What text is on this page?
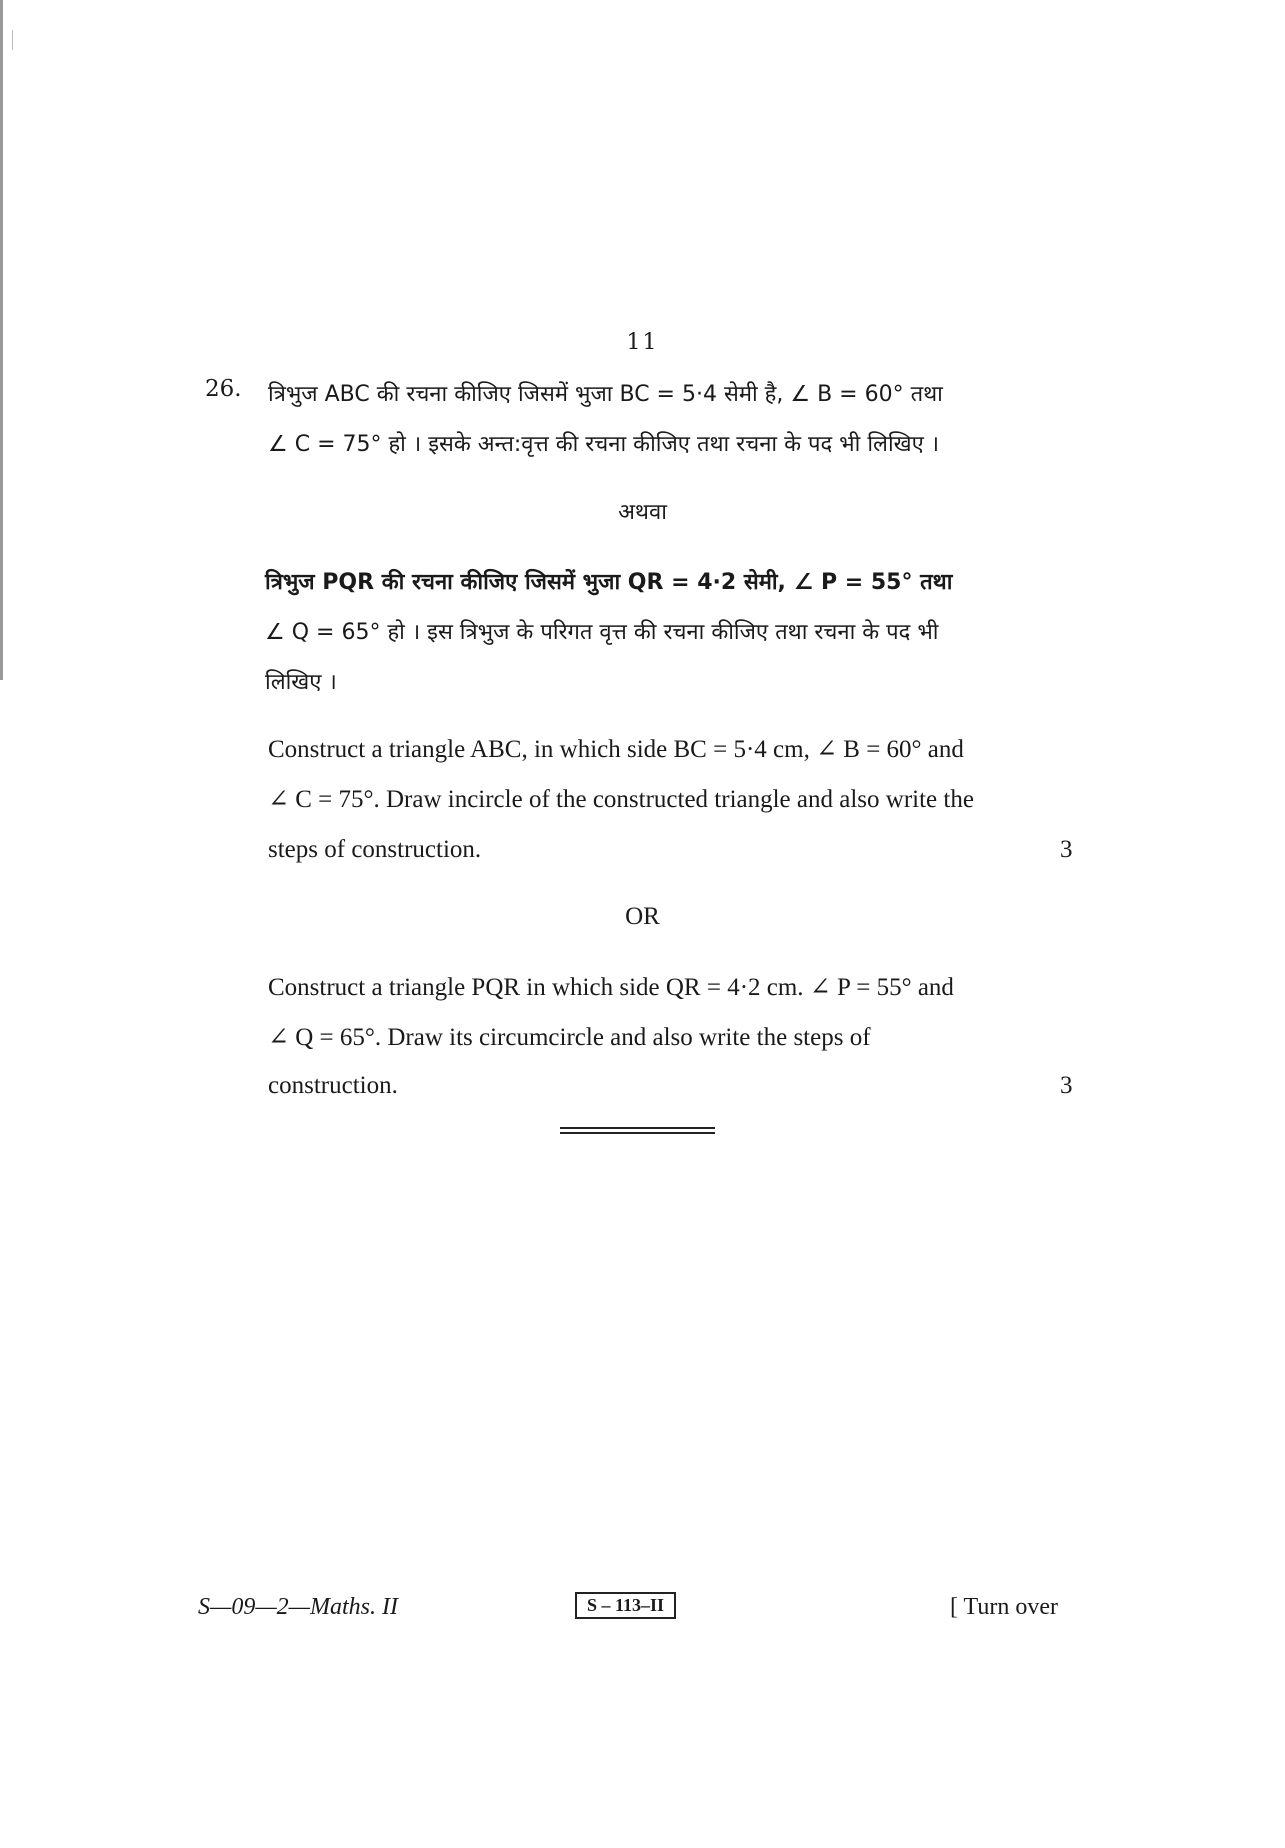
11
26. त्रिभुज ABC की रचना कीजिए जिसमें भुजा BC = 5·4 सेमी है, ∠ B = 60° तथा
∠ C = 75° हो । इसके अन्त:वृत्त की रचना कीजिए तथा रचना के पद भी लिखिए ।
अथवा
त्रिभुज PQR की रचना कीजिए जिसमें भुजा QR = 4·2 सेमी, ∠ P = 55° तथा
∠ Q = 65° हो । इस त्रिभुज के परिगत वृत्त की रचना कीजिए तथा रचना के पद भी
लिखिए ।
Construct a triangle ABC, in which side BC = 5·4 cm, ∠ B = 60° and
∠ C = 75°. Draw incircle of the constructed triangle and also write the
steps of construction.	3
OR
Construct a triangle PQR in which side QR = 4·2 cm. ∠ P = 55° and
∠ Q = 65°. Draw its circumcircle and also write the steps of
construction.	3
S—09—2—Maths. II	S – 113–II	[ Turn over
